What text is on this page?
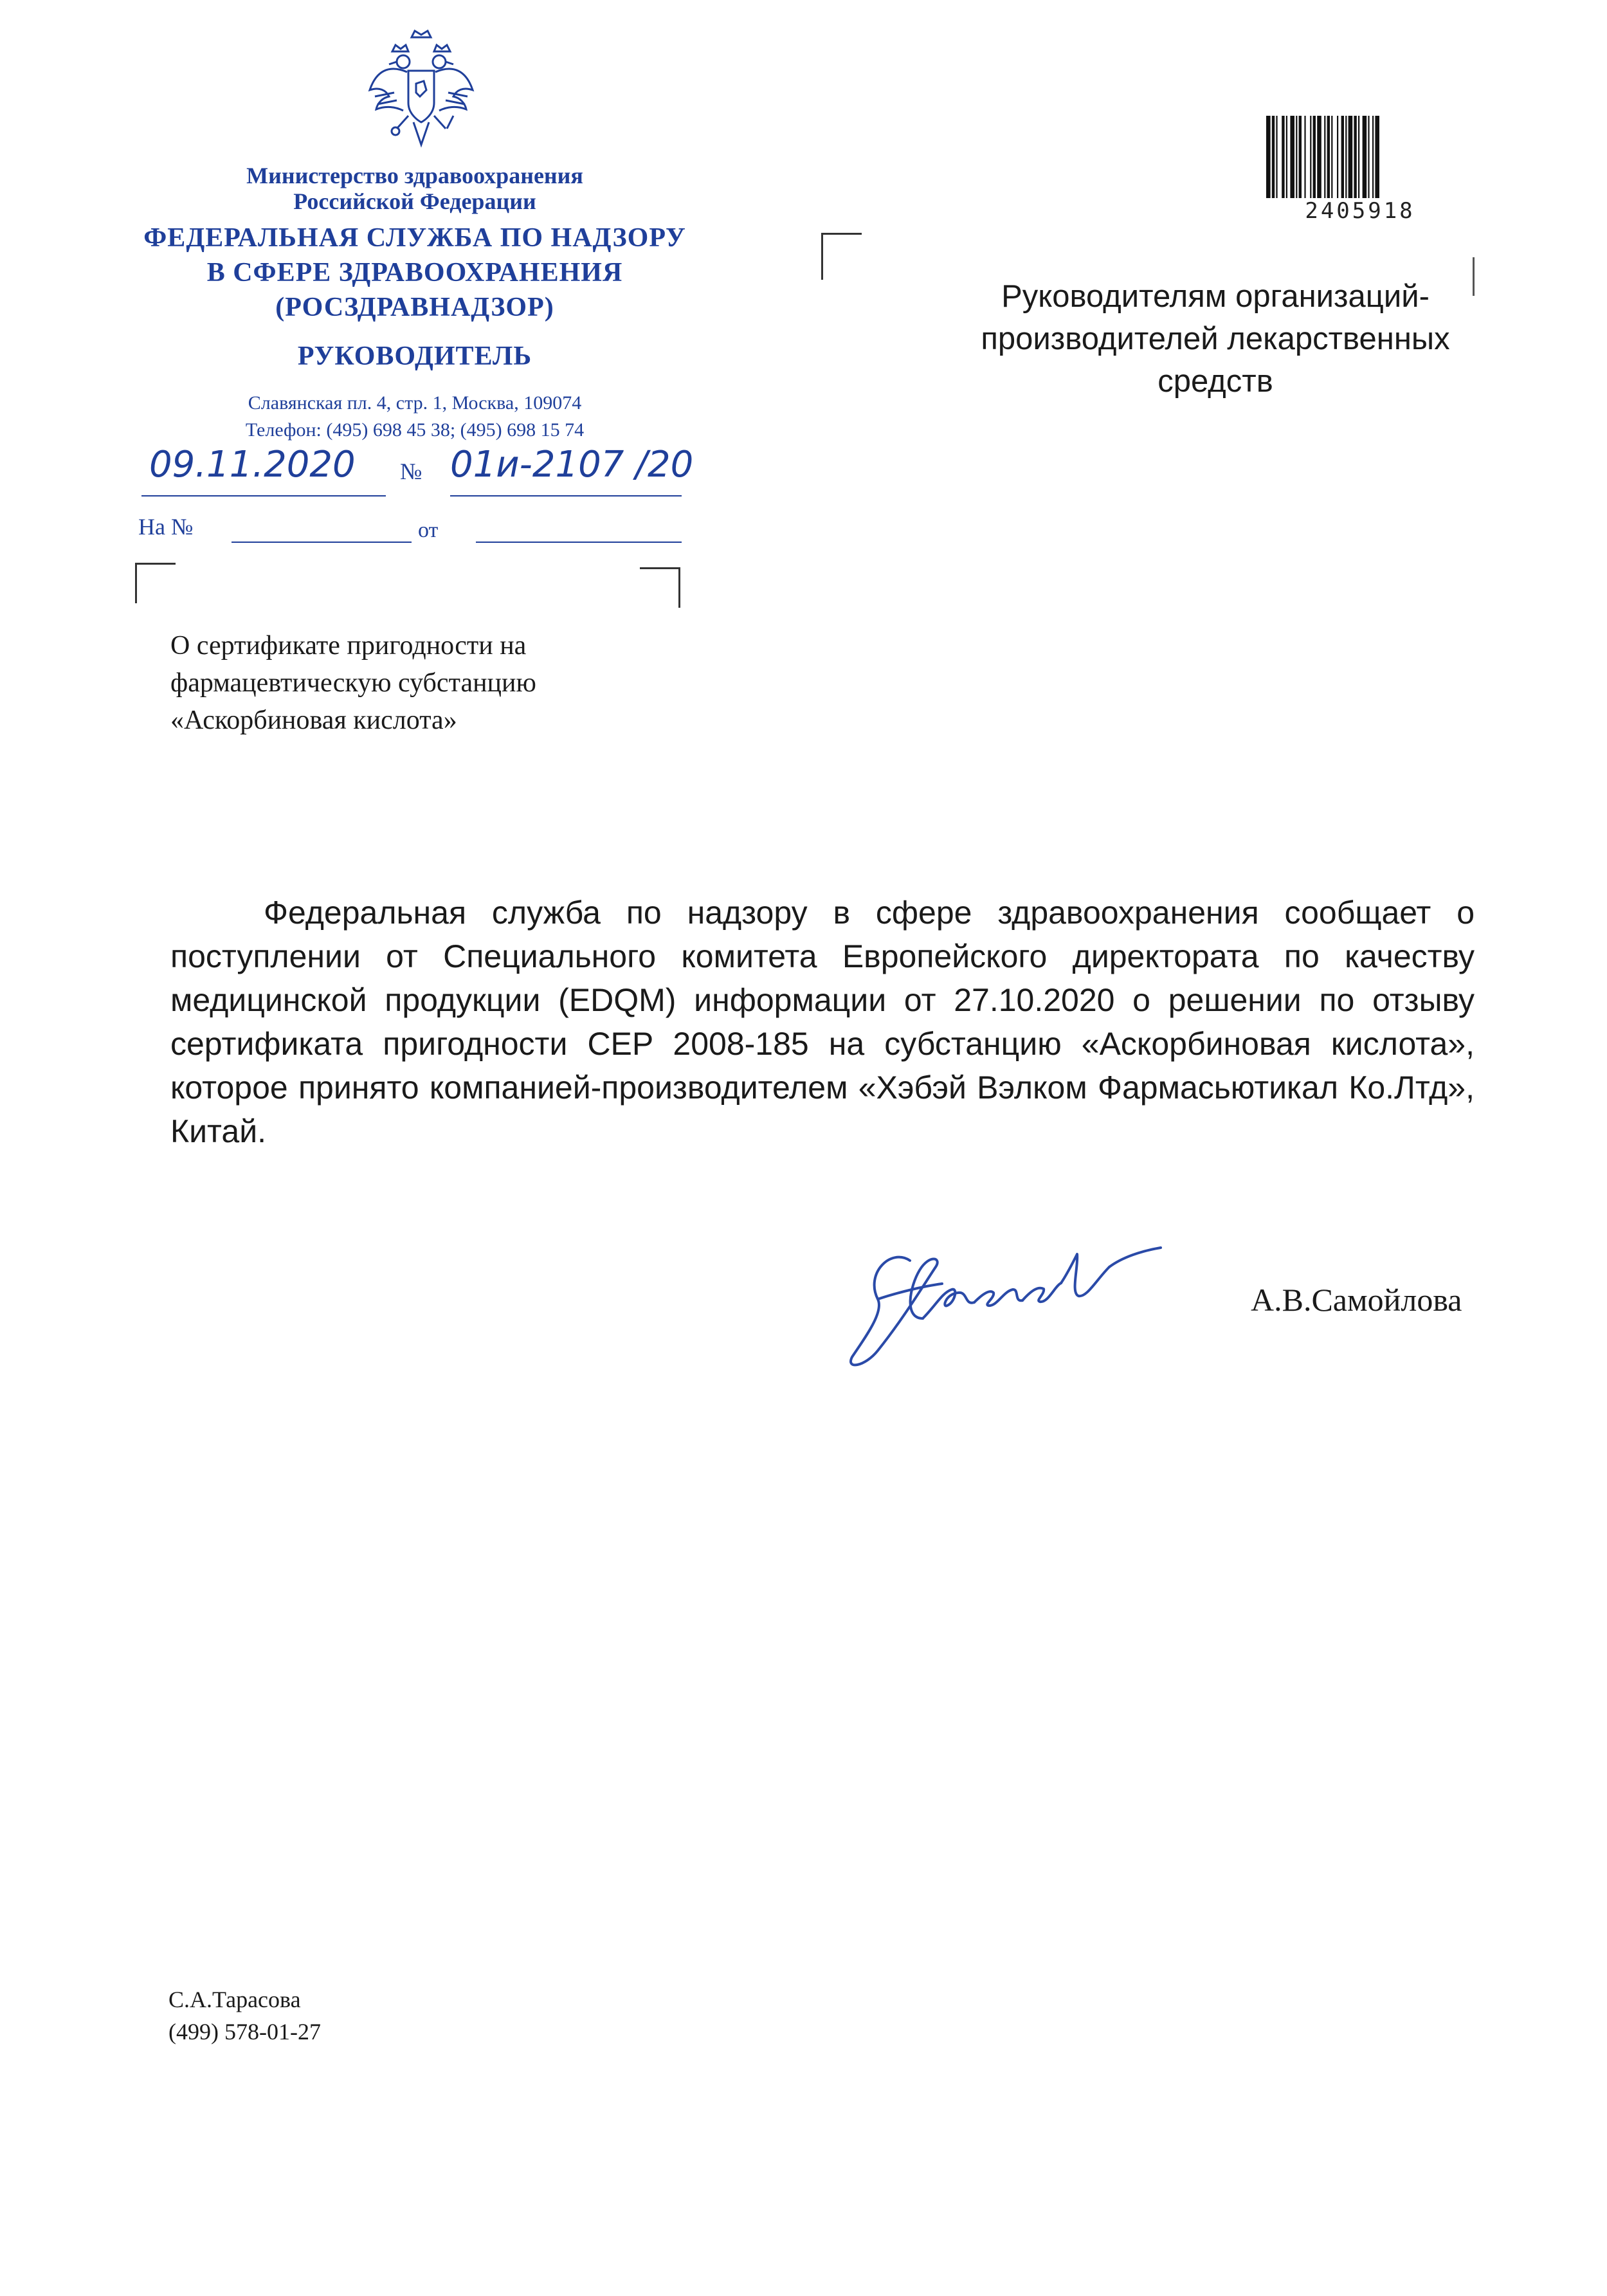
Министерство здравоохранения
Российской Федерации
ФЕДЕРАЛЬНАЯ СЛУЖБА ПО НАДЗОРУ
В СФЕРЕ ЗДРАВООХРАНЕНИЯ
(РОСЗДРАВНАДЗОР)
РУКОВОДИТЕЛЬ
Славянская пл. 4, стр. 1, Москва, 109074
Телефон: (495) 698 45 38; (495) 698 15 74
09.11.2020 № 01и-2107 /20
На №	от
2405918
Руководителям организаций-
производителей лекарственных
средств
О сертификате пригодности на
фармацевтическую субстанцию
«Аскорбиновая кислота»
Федеральная служба по надзору в сфере здравоохранения сообщает о поступлении от Специального комитета Европейского директората по качеству медицинской продукции (EDQM) информации от 27.10.2020 о решении по отзыву сертификата пригодности CEP 2008-185 на субстанцию «Аскорбиновая кислота», которое принято компанией-производителем «Хэбэй Вэлком Фармасьютикал Ко.Лтд», Китай.
А.В.Самойлова
С.А.Тарасова
(499) 578-01-27
